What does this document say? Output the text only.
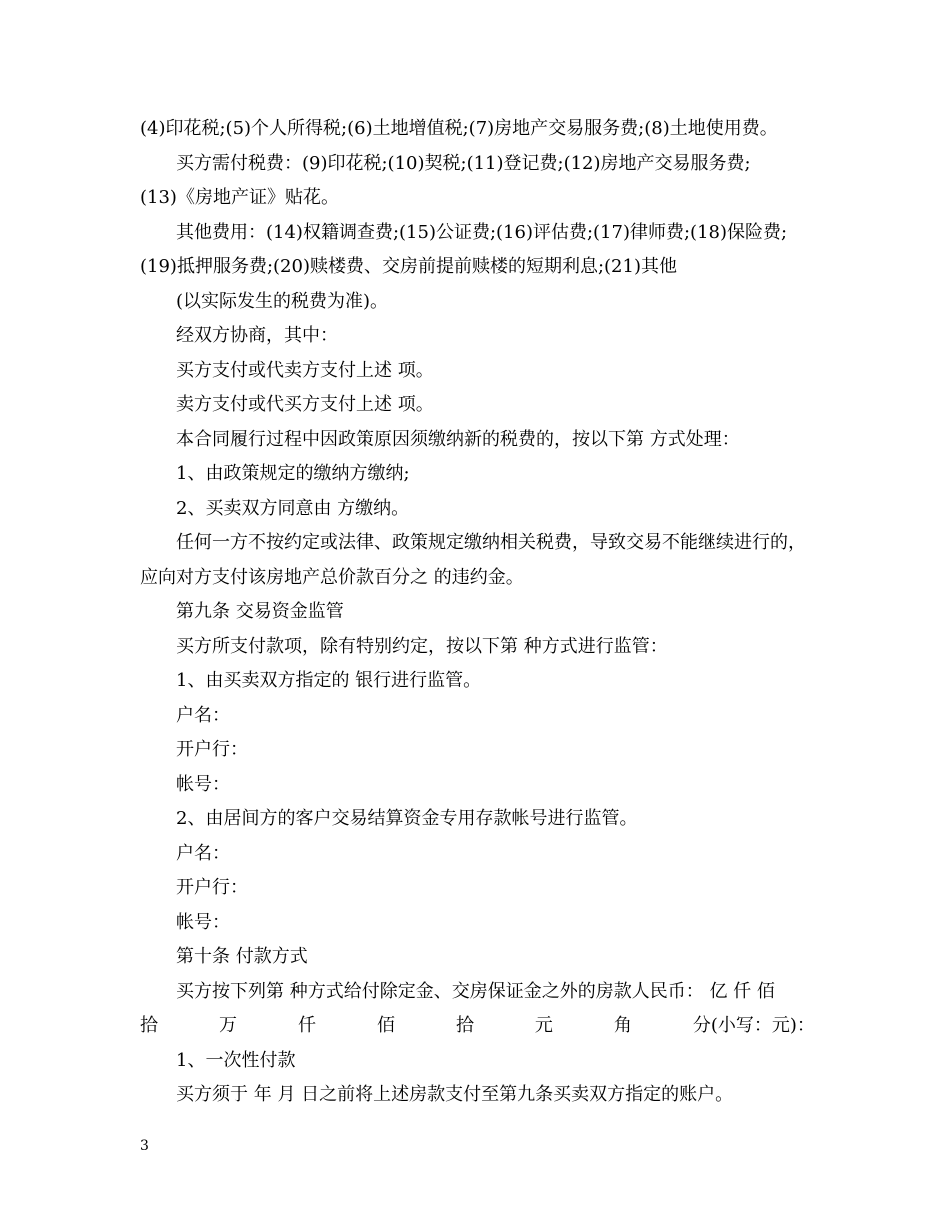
(4)印花税;(5)个人所得税;(6)土地增值税;(7)房地产交易服务费;(8)土地使用费。
买方需付税费：(9)印花税;(10)契税;(11)登记费;(12)房地产交易服务费;
(13)《房地产证》贴花。
其他费用：(14)权籍调查费;(15)公证费;(16)评估费;(17)律师费;(18)保险费;
(19)抵押服务费;(20)赎楼费、交房前提前赎楼的短期利息;(21)其他
(以实际发生的税费为准)。
经双方协商，其中：
买方支付或代卖方支付上述 项。
卖方支付或代买方支付上述 项。
本合同履行过程中因政策原因须缴纳新的税费的，按以下第 方式处理：
1、由政策规定的缴纳方缴纳;
2、买卖双方同意由 方缴纳。
任何一方不按约定或法律、政策规定缴纳相关税费，导致交易不能继续进行的，
应向对方支付该房地产总价款百分之 的违约金。
第九条 交易资金监管
买方所支付款项，除有特别约定，按以下第 种方式进行监管：
1、由买卖双方指定的 银行进行监管。
户名：
开户行：
帐号：
2、由居间方的客户交易结算资金专用存款帐号进行监管。
户名：
开户行：
帐号：
第十条 付款方式
买方按下列第 种方式给付除定金、交房保证金之外的房款人民币： 亿 仟 佰
拾	万	仟	佰	拾	元	角	分(小写：元)：
1、一次性付款
买方须于 年 月 日之前将上述房款支付至第九条买卖双方指定的账户。
3
